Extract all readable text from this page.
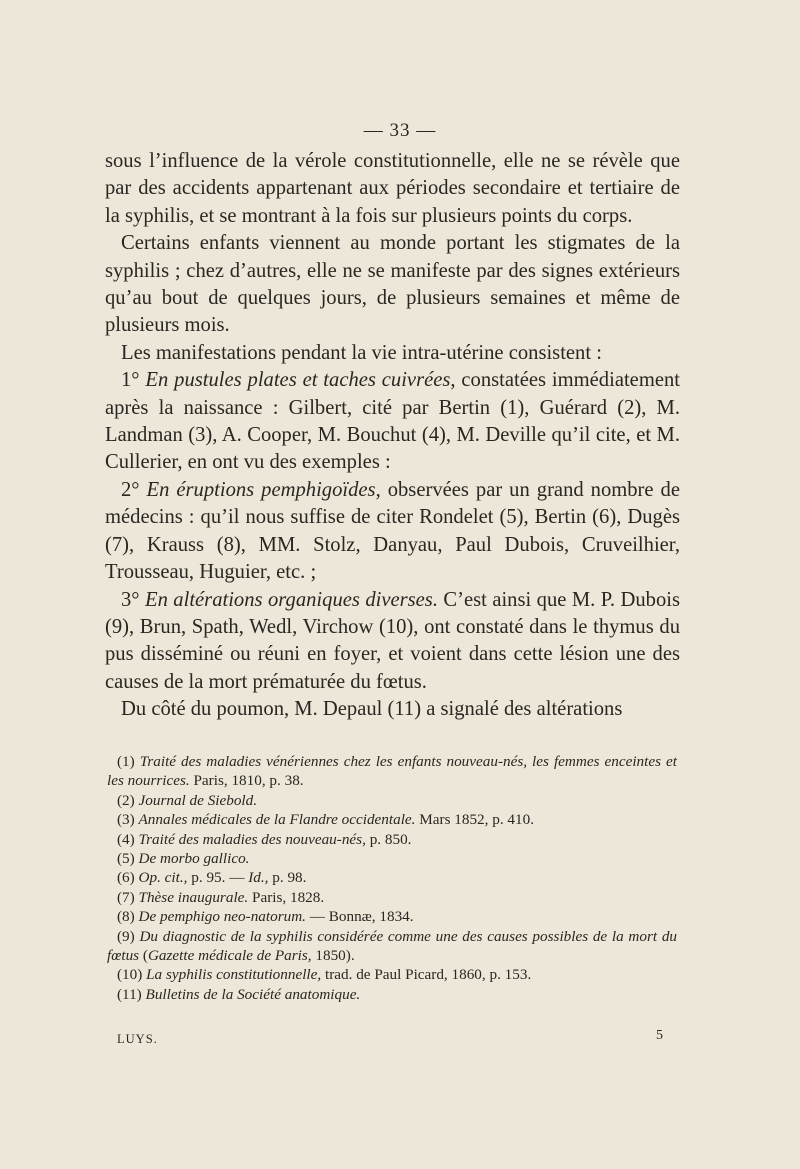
— 33 —

sous l’influence de la vérole constitutionnelle, elle ne se révèle que par des accidents appartenant aux périodes secondaire et tertiaire de la syphilis, et se montrant à la fois sur plusieurs points du corps.

Certains enfants viennent au monde portant les stigmates de la syphilis ; chez d’autres, elle ne se manifeste par des signes extérieurs qu’au bout de quelques jours, de plusieurs semaines et même de plusieurs mois.

Les manifestations pendant la vie intra-utérine consistent :

1° En pustules plates et taches cuivrées, constatées immédiatement après la naissance : Gilbert, cité par Bertin (1), Guérard (2), M. Landman (3), A. Cooper, M. Bouchut (4), M. Deville qu’il cite, et M. Cullerier, en ont vu des exemples :

2° En éruptions pemphigoïdes, observées par un grand nombre de médecins : qu’il nous suffise de citer Rondelet (5), Bertin (6), Dugès (7), Krauss (8), MM. Stolz, Danyau, Paul Dubois, Cruveilhier, Trousseau, Huguier, etc. ;

3° En altérations organiques diverses. C’est ainsi que M. P. Dubois (9), Brun, Spath, Wedl, Virchow (10), ont constaté dans le thymus du pus disséminé ou réuni en foyer, et voient dans cette lésion une des causes de la mort prématurée du fœtus.

Du côté du poumon, M. Depaul (11) a signalé des altérations

(1) Traité des maladies vénériennes chez les enfants nouveau-nés, les femmes enceintes et les nourrices. Paris, 1810, p. 38.

(2) Journal de Siebold.

(3) Annales médicales de la Flandre occidentale. Mars 1852, p. 410.

(4) Traité des maladies des nouveau-nés, p. 850.

(5) De morbo gallico.

(6) Op. cit., p. 95. — Id., p. 98.

(7) Thèse inaugurale. Paris, 1828.

(8) De pemphigo neo-natorum. — Bonnæ, 1834.

(9) Du diagnostic de la syphilis considérée comme une des causes possibles de la mort du fœtus (Gazette médicale de Paris, 1850).

(10) La syphilis constitutionnelle, trad. de Paul Picard, 1860, p. 153.

(11) Bulletins de la Société anatomique.

LUYS.	5
